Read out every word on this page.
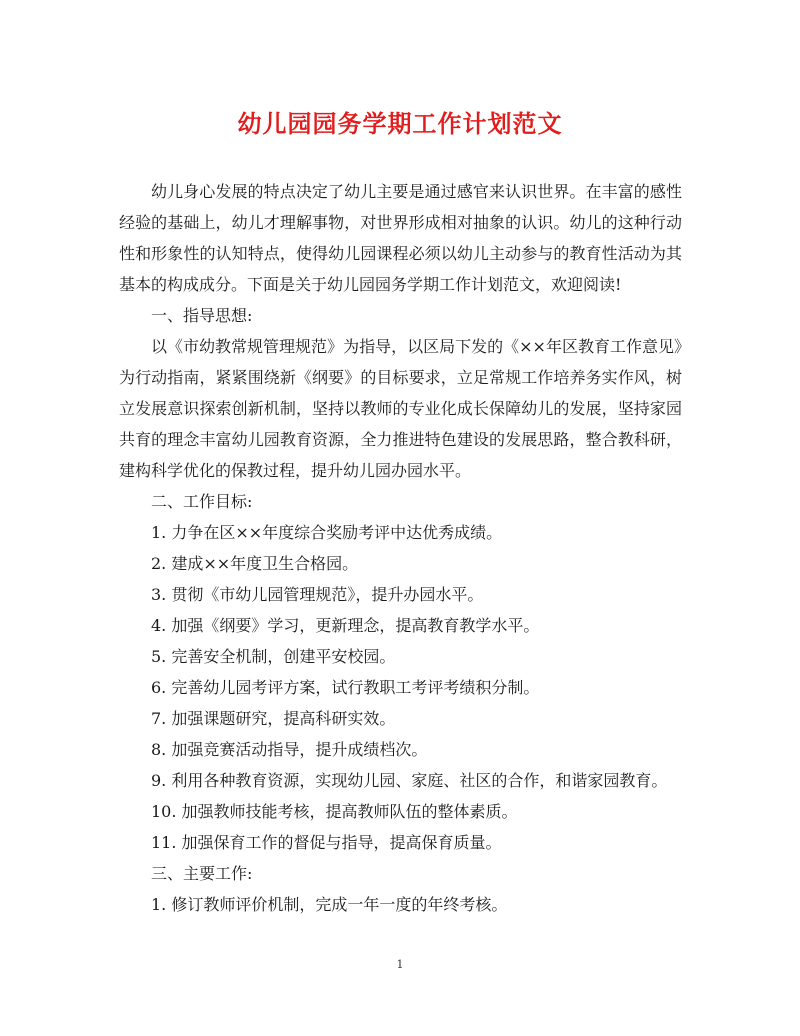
幼儿园园务学期工作计划范文

幼儿身心发展的特点决定了幼儿主要是通过感官来认识世界。在丰富的感性经验的基础上，幼儿才理解事物，对世界形成相对抽象的认识。幼儿的这种行动性和形象性的认知特点，使得幼儿园课程必须以幼儿主动参与的教育性活动为其基本的构成成分。下面是关于幼儿园园务学期工作计划范文，欢迎阅读!

一、指导思想:

以《市幼教常规管理规范》为指导，以区局下发的《××年区教育工作意见》为行动指南，紧紧围绕新《纲要》的目标要求，立足常规工作培养务实作风，树立发展意识探索创新机制，坚持以教师的专业化成长保障幼儿的发展，坚持家园共育的理念丰富幼儿园教育资源，全力推进特色建设的发展思路，整合教科研，建构科学优化的保教过程，提升幼儿园办园水平。

二、工作目标:

1. 力争在区××年度综合奖励考评中达优秀成绩。

2. 建成××年度卫生合格园。

3. 贯彻《市幼儿园管理规范》，提升办园水平。

4. 加强《纲要》学习，更新理念，提高教育教学水平。

5. 完善安全机制，创建平安校园。

6. 完善幼儿园考评方案，试行教职工考评考绩积分制。

7. 加强课题研究，提高科研实效。

8. 加强竞赛活动指导，提升成绩档次。

9. 利用各种教育资源，实现幼儿园、家庭、社区的合作，和谐家园教育。

10. 加强教师技能考核，提高教师队伍的整体素质。

11. 加强保育工作的督促与指导，提高保育质量。

三、主要工作:

1. 修订教师评价机制，完成一年一度的年终考核。

1
